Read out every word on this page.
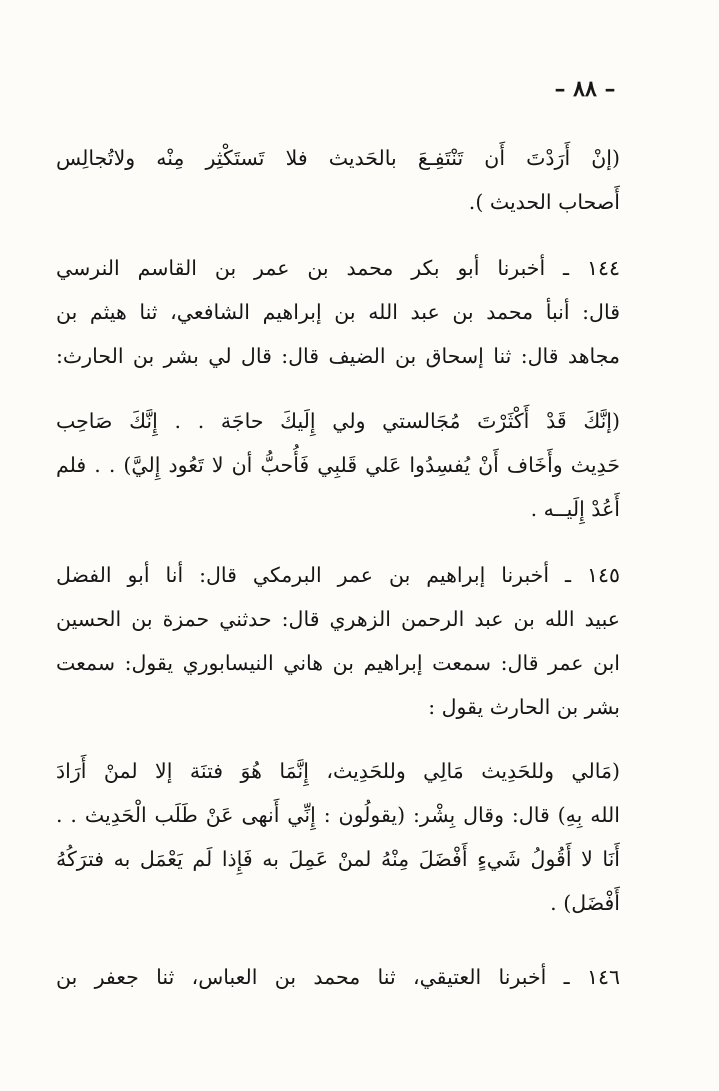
– ٨٨ –
(إنْ أَرَدْتَ أَن تَنْتَفِـعَ بالحَديث فلا تَستَكْثِر مِنْه ولاتُجالِس
أَصحاب الحديث ).
١٤٤ ـ أخبرنا أبو بكر محمد بن عمر بن القاسم النرسي
قال: أنبأ محمد بن عبد الله بن إبراهيم الشافعي، ثنا هيثم بن
مجاهد قال: ثنا إسحاق بن الضيف قال: قال لي بشر بن الحارث:
(إنَّكَ قَدْ أَكْثَرْتَ مُجَالستي ولي إِلَيكَ حاجَة . . إِنَّكَ صَاحِب
حَدِيث وأَخَاف أَنْ يُفسِدُوا عَلي قَلبِي فَأُحبُّ أن لا تَعُود إِليَّ) . . فلم
أَعُدْ إِلَيــه .
١٤٥ ـ أخبرنا إبراهيم بن عمر البرمكي قال: أنا أبو الفضل
عبيد الله بن عبد الرحمن الزهري قال: حدثني حمزة بن الحسين
ابن عمر قال: سمعت إبراهيم بن هاني النيسابوري يقول: سمعت
بشر بن الحارث يقول :
(مَالي وللحَدِيث مَالِي وللحَدِيث، إِنَّمَا هُوَ فتنَة إلا لمنْ أَرَادَ
الله بِهِ) قال: وقال بِشْر: (يقولُون : إِنِّي أَنهى عَنْ طَلَب الْحَدِيث . .
أَنَا لا أَقُولُ شَيءٍ أَفْضَلَ مِنْهُ لمنْ عَمِلَ به فَإِذا لَم يَعْمَل به فترَكُهُ
أَفْضَل) .
١٤٦ ـ أخبرنا العتيقي، ثنا محمد بن العباس، ثنا جعفر بن
